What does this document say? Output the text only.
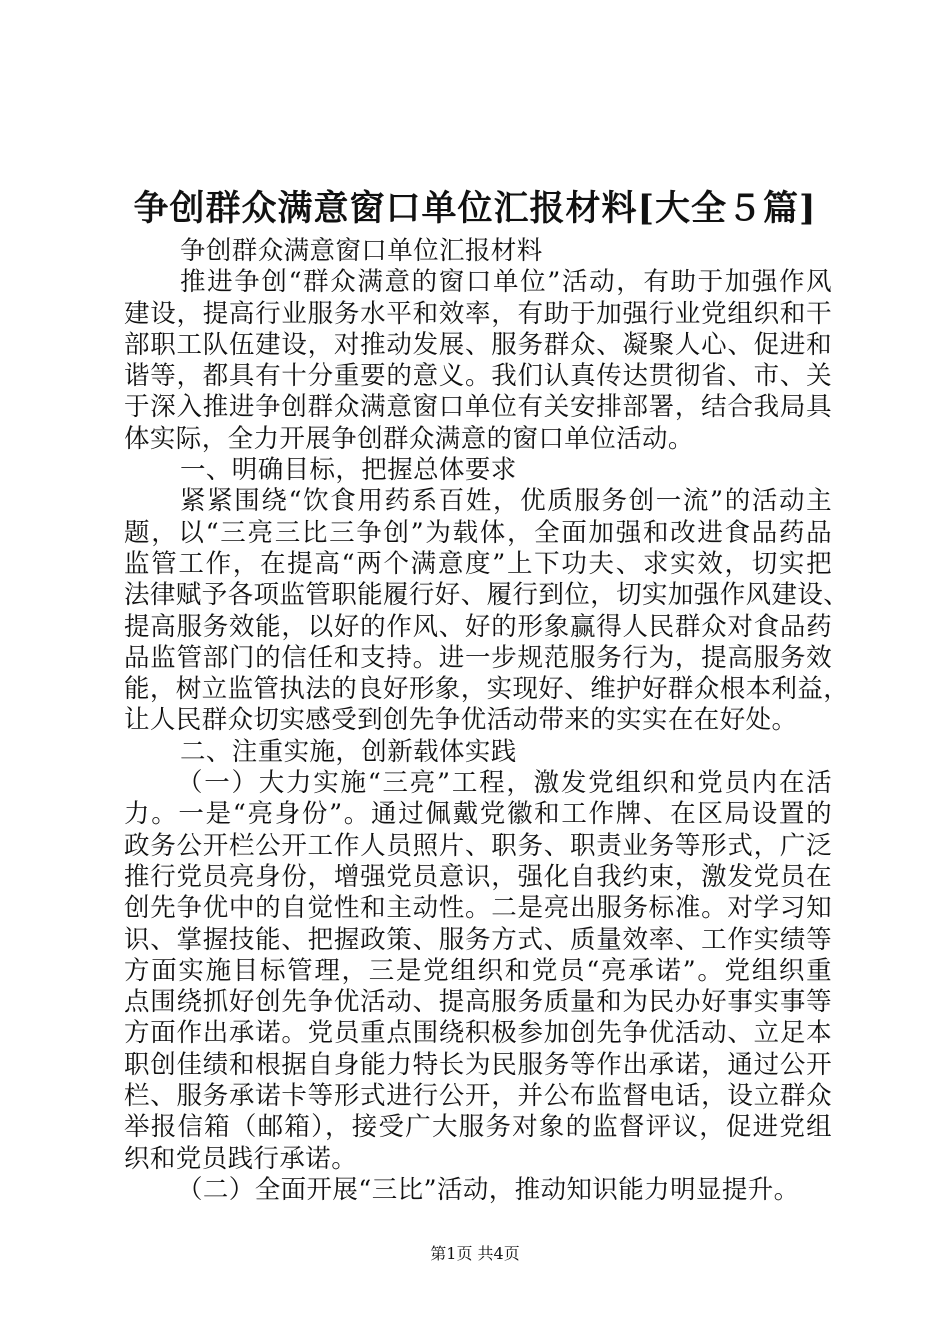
争创群众满意窗口单位汇报材料[大全５篇]
争创群众满意窗口单位汇报材料
推进争创“群众满意的窗口单位”活动，有助于加强作风
建设，提高行业服务水平和效率，有助于加强行业党组织和干
部职工队伍建设，对推动发展、服务群众、凝聚人心、促进和
谐等，都具有十分重要的意义。我们认真传达贯彻省、市、关
于深入推进争创群众满意窗口单位有关安排部署，结合我局具
体实际，全力开展争创群众满意的窗口单位活动。
一、明确目标，把握总体要求
紧紧围绕“饮食用药系百姓，优质服务创一流”的活动主
题，以“三亮三比三争创”为载体，全面加强和改进食品药品
监管工作，在提高“两个满意度”上下功夫、求实效，切实把
法律赋予各项监管职能履行好、履行到位，切实加强作风建设、
提高服务效能，以好的作风、好的形象赢得人民群众对食品药
品监管部门的信任和支持。进一步规范服务行为，提高服务效
能，树立监管执法的良好形象，实现好、维护好群众根本利益，
让人民群众切实感受到创先争优活动带来的实实在在好处。
二、注重实施，创新载体实践
（一）大力实施“三亮”工程，激发党组织和党员内在活
力。一是“亮身份”。通过佩戴党徽和工作牌、在区局设置的
政务公开栏公开工作人员照片、职务、职责业务等形式，广泛
推行党员亮身份，增强党员意识，强化自我约束，激发党员在
创先争优中的自觉性和主动性。二是亮出服务标准。对学习知
识、掌握技能、把握政策、服务方式、质量效率、工作实绩等
方面实施目标管理，三是党组织和党员“亮承诺”。党组织重
点围绕抓好创先争优活动、提高服务质量和为民办好事实事等
方面作出承诺。党员重点围绕积极参加创先争优活动、立足本
职创佳绩和根据自身能力特长为民服务等作出承诺，通过公开
栏、服务承诺卡等形式进行公开，并公布监督电话，设立群众
举报信箱（邮箱），接受广大服务对象的监督评议，促进党组
织和党员践行承诺。
（二）全面开展“三比”活动，推动知识能力明显提升。
第1页 共4页
